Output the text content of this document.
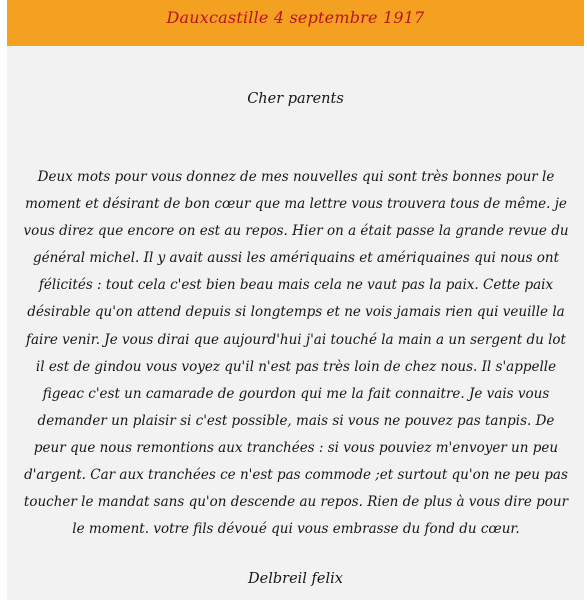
Dauxcastille 4 septembre 1917
Cher parents
Deux mots pour vous donnez de mes nouvelles qui sont très bonnes pour le
moment et désirant de bon cœur que ma lettre vous trouvera tous de même. je
vous direz que encore on est au repos. Hier on a était passe la grande revue du
général michel. Il y avait aussi les amériquains et amériquaines qui nous ont
félicités : tout cela c'est bien beau mais cela ne vaut pas la paix. Cette paix
désirable qu'on attend depuis si longtemps et ne vois jamais rien qui veuille la
faire venir. Je vous dirai que aujourd'hui j'ai touché la main a un sergent du lot
il est de gindou vous voyez qu'il n'est pas très loin de chez nous. Il s'appelle
figeac c'est un camarade de gourdon qui me la fait connaitre. Je vais vous
demander un plaisir si c'est possible, mais si vous ne pouvez pas tanpis. De
peur que nous remontions aux tranchées : si vous pouviez m'envoyer un peu
d'argent. Car aux tranchées ce n'est pas commode ;et surtout qu'on ne peu pas
toucher le mandat sans qu'on descende au repos. Rien de plus à vous dire pour
le moment. votre fils dévoué qui vous embrasse du fond du cœur.
Delbreil felix
